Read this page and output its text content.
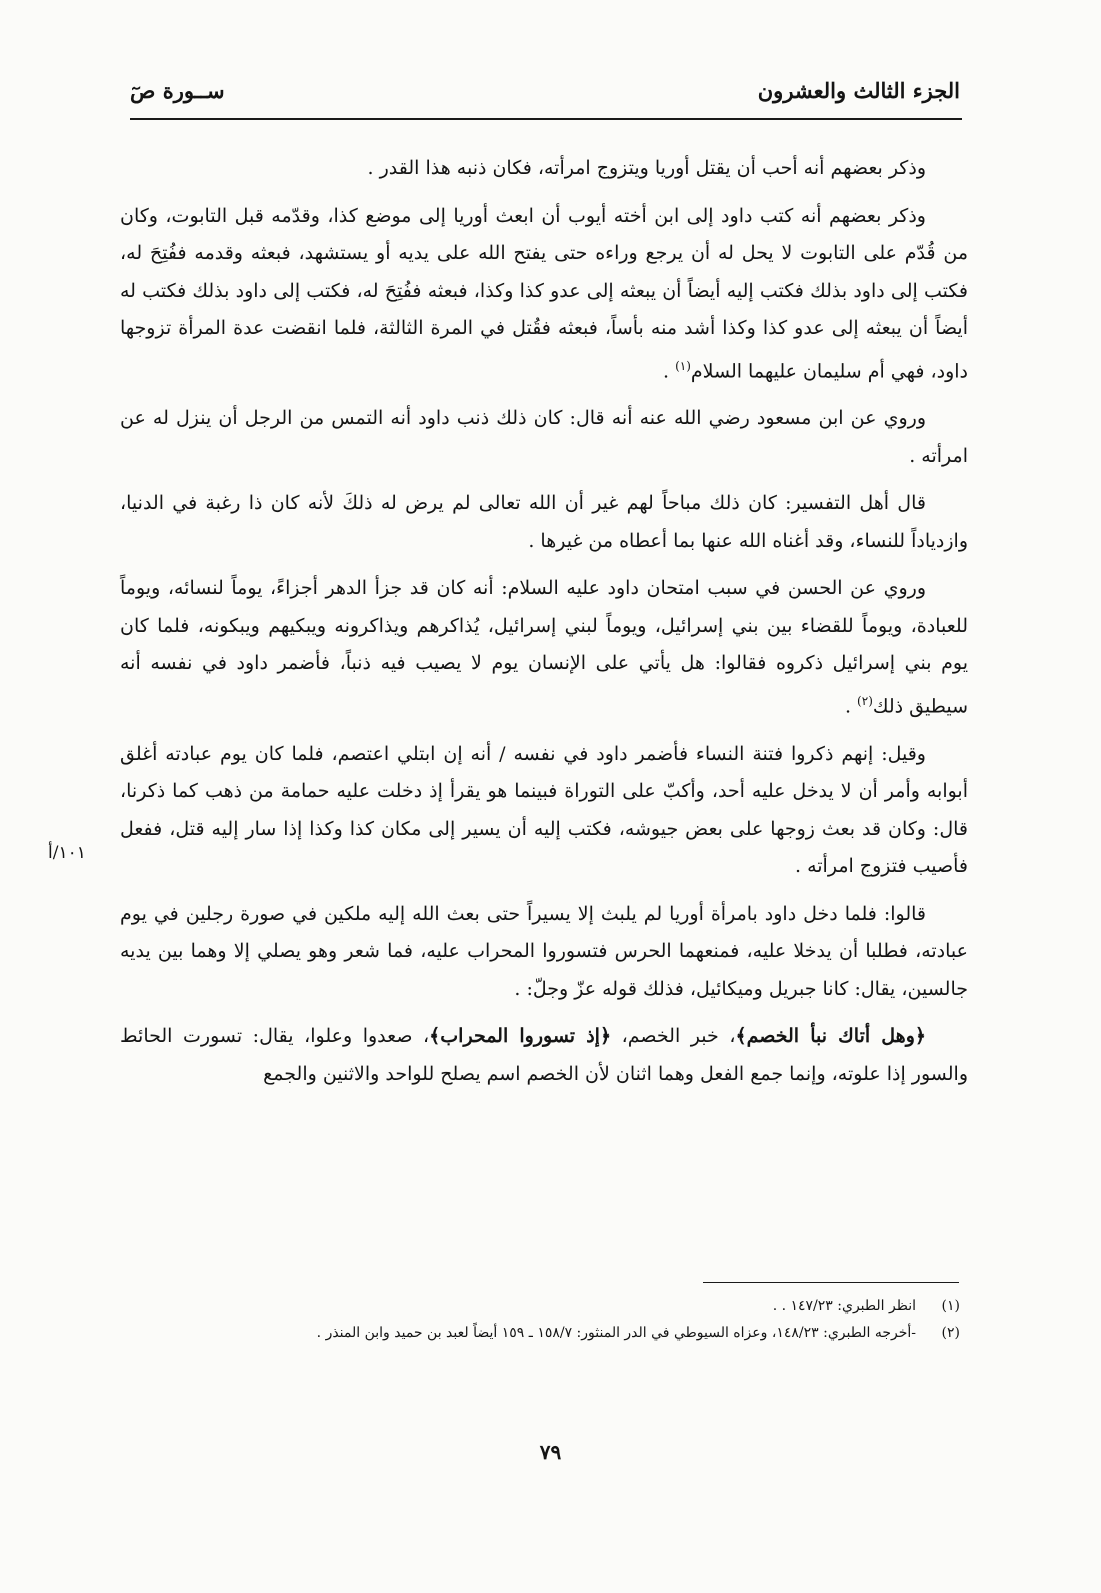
الجزء الثالث والعشرون
ســورة صٓ

وذكر بعضهم أنه أحب أن يقتل أوريا ويتزوج امرأته، فكان ذنبه هذا القدر .

وذكر بعضهم أنه كتب داود إلى ابن أخته أيوب أن ابعث أوريا إلى موضع كذا، وقدّمه قبل التابوت، وكان من قُدّم على التابوت لا يحل له أن يرجع وراءه حتى يفتح الله على يديه أو يستشهد، فبعثه وقدمه ففُتِحَ له، فكتب إلى داود بذلك فكتب إليه أيضاً أن يبعثه إلى عدو كذا وكذا، فبعثه ففُتِحَ له، فكتب إلى داود بذلك فكتب له أيضاً أن يبعثه إلى عدو كذا وكذا أشد منه بأساً، فبعثه فقُتل في المرة الثالثة، فلما انقضت عدة المرأة تزوجها داود، فهي أم سليمان عليهما السلام$^{(١)}$ .

وروي عن ابن مسعود رضي الله عنه أنه قال: كان ذلك ذنب داود أنه التمس من الرجل أن ينزل له عن امرأته .

قال أهل التفسير: كان ذلك مباحاً لهم غير أن الله تعالى لم يرض له ذلكَ لأنه كان ذا رغبة في الدنيا، وازدياداً للنساء، وقد أغناه الله عنها بما أعطاه من غيرها .

وروي عن الحسن في سبب امتحان داود عليه السلام: أنه كان قد جزأ الدهر أجزاءً، يوماً لنسائه، ويوماً للعبادة، ويوماً للقضاء بين بني إسرائيل، ويوماً لبني إسرائيل، يُذاكرهم ويذاكرونه ويبكيهم ويبكونه، فلما كان يوم بني إسرائيل ذكروه فقالوا: هل يأتي على الإنسان يوم لا يصيب فيه ذنباً، فأضمر داود في نفسه أنه سيطيق ذلك$^{(٢)}$ .

وقيل: إنهم ذكروا فتنة النساء فأضمر داود في نفسه / أنه إن ابتلي اعتصم، فلما كان يوم عبادته أغلق أبوابه وأمر أن لا يدخل عليه أحد، وأكبّ على التوراة فبينما هو يقرأ إذ دخلت عليه حمامة من ذهب كما ذكرنا، قال: وكان قد بعث زوجها على بعض جيوشه، فكتب إليه أن يسير إلى مكان كذا وكذا إذا سار إليه قتل، ففعل فأصيب فتزوج امرأته .

قالوا: فلما دخل داود بامرأة أوريا لم يلبث إلا يسيراً حتى بعث الله إليه ملكين في صورة رجلين في يوم عبادته، فطلبا أن يدخلا عليه، فمنعهما الحرس فتسوروا المحراب عليه، فما شعر وهو يصلي إلا وهما بين يديه جالسين، يقال: كانا جبريل وميكائيل، فذلك قوله عزّ وجلّ: .

﴿وهل أتاك نبأ الخصم﴾، خبر الخصم، ﴿إذ تسوروا المحراب﴾، صعدوا وعلوا، يقال: تسورت الحائط والسور إذا علوته، وإنما جمع الفعل وهما اثنان لأن الخصم اسم يصلح للواحد والاثنين والجمع

١٠١/أ
(١)
انظر الطبري: ١٤٧/٢٣ . .
(٢)
-أخرجه الطبري: ١٤٨/٢٣، وعزاه السيوطي في الدر المنثور: ١٥٨/٧ ـ ١٥٩ أيضاً لعبد بن حميد وابن المنذر .
٧٩
